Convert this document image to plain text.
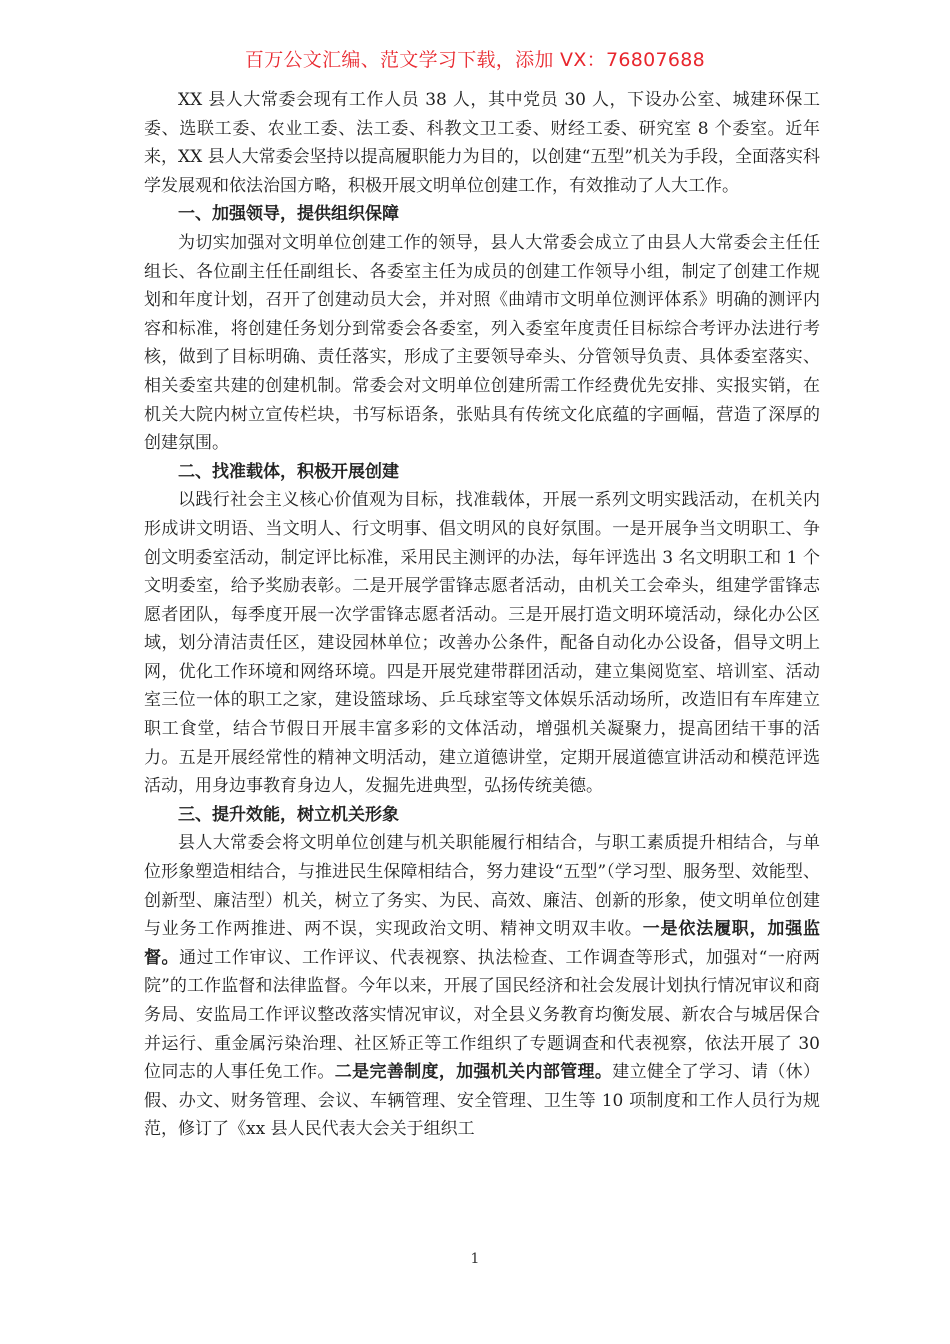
百万公文汇编、范文学习下载，添加 VX：76807688

XX 县人大常委会现有工作人员 38 人，其中党员 30 人，下设办公室、城建环保工委、选联工委、农业工委、法工委、科教文卫工委、财经工委、研究室 8 个委室。近年来，XX 县人大常委会坚持以提高履职能力为目的，以创建“五型”机关为手段，全面落实科学发展观和依法治国方略，积极开展文明单位创建工作，有效推动了人大工作。

一、加强领导，提供组织保障

为切实加强对文明单位创建工作的领导，县人大常委会成立了由县人大常委会主任任组长、各位副主任任副组长、各委室主任为成员的创建工作领导小组，制定了创建工作规划和年度计划，召开了创建动员大会，并对照《曲靖市文明单位测评体系》明确的测评内容和标准，将创建任务划分到常委会各委室，列入委室年度责任目标综合考评办法进行考核，做到了目标明确、责任落实，形成了主要领导牵头、分管领导负责、具体委室落实、相关委室共建的创建机制。常委会对文明单位创建所需工作经费优先安排、实报实销，在机关大院内树立宣传栏块，书写标语条，张贴具有传统文化底蕴的字画幅，营造了深厚的创建氛围。

二、找准载体，积极开展创建

以践行社会主义核心价值观为目标，找准载体，开展一系列文明实践活动，在机关内形成讲文明语、当文明人、行文明事、倡文明风的良好氛围。一是开展争当文明职工、争创文明委室活动，制定评比标准，采用民主测评的办法，每年评选出 3 名文明职工和 1 个文明委室，给予奖励表彰。二是开展学雷锋志愿者活动，由机关工会牵头，组建学雷锋志愿者团队，每季度开展一次学雷锋志愿者活动。三是开展打造文明环境活动，绿化办公区域，划分清洁责任区，建设园林单位；改善办公条件，配备自动化办公设备，倡导文明上网，优化工作环境和网络环境。四是开展党建带群团活动，建立集阅览室、培训室、活动室三位一体的职工之家，建设篮球场、乒乓球室等文体娱乐活动场所，改造旧有车库建立职工食堂，结合节假日开展丰富多彩的文体活动，增强机关凝聚力，提高团结干事的活力。五是开展经常性的精神文明活动，建立道德讲堂，定期开展道德宣讲活动和模范评选活动，用身边事教育身边人，发掘先进典型，弘扬传统美德。

三、提升效能，树立机关形象

县人大常委会将文明单位创建与机关职能履行相结合，与职工素质提升相结合，与单位形象塑造相结合，与推进民生保障相结合，努力建设“五型”（学习型、服务型、效能型、创新型、廉洁型）机关，树立了务实、为民、高效、廉洁、创新的形象，使文明单位创建与业务工作两推进、两不误，实现政治文明、精神文明双丰收。一是依法履职，加强监督。通过工作审议、工作评议、代表视察、执法检查、工作调查等形式，加强对“一府两院”的工作监督和法律监督。今年以来，开展了国民经济和社会发展计划执行情况审议和商务局、安监局工作评议整改落实情况审议，对全县义务教育均衡发展、新农合与城居保合并运行、重金属污染治理、社区矫正等工作组织了专题调查和代表视察，依法开展了 30 位同志的人事任免工作。二是完善制度，加强机关内部管理。建立健全了学习、请（休）假、办文、财务管理、会议、车辆管理、安全管理、卫生等 10 项制度和工作人员行为规范，修订了《xx 县人民代表大会关于组织工

1
